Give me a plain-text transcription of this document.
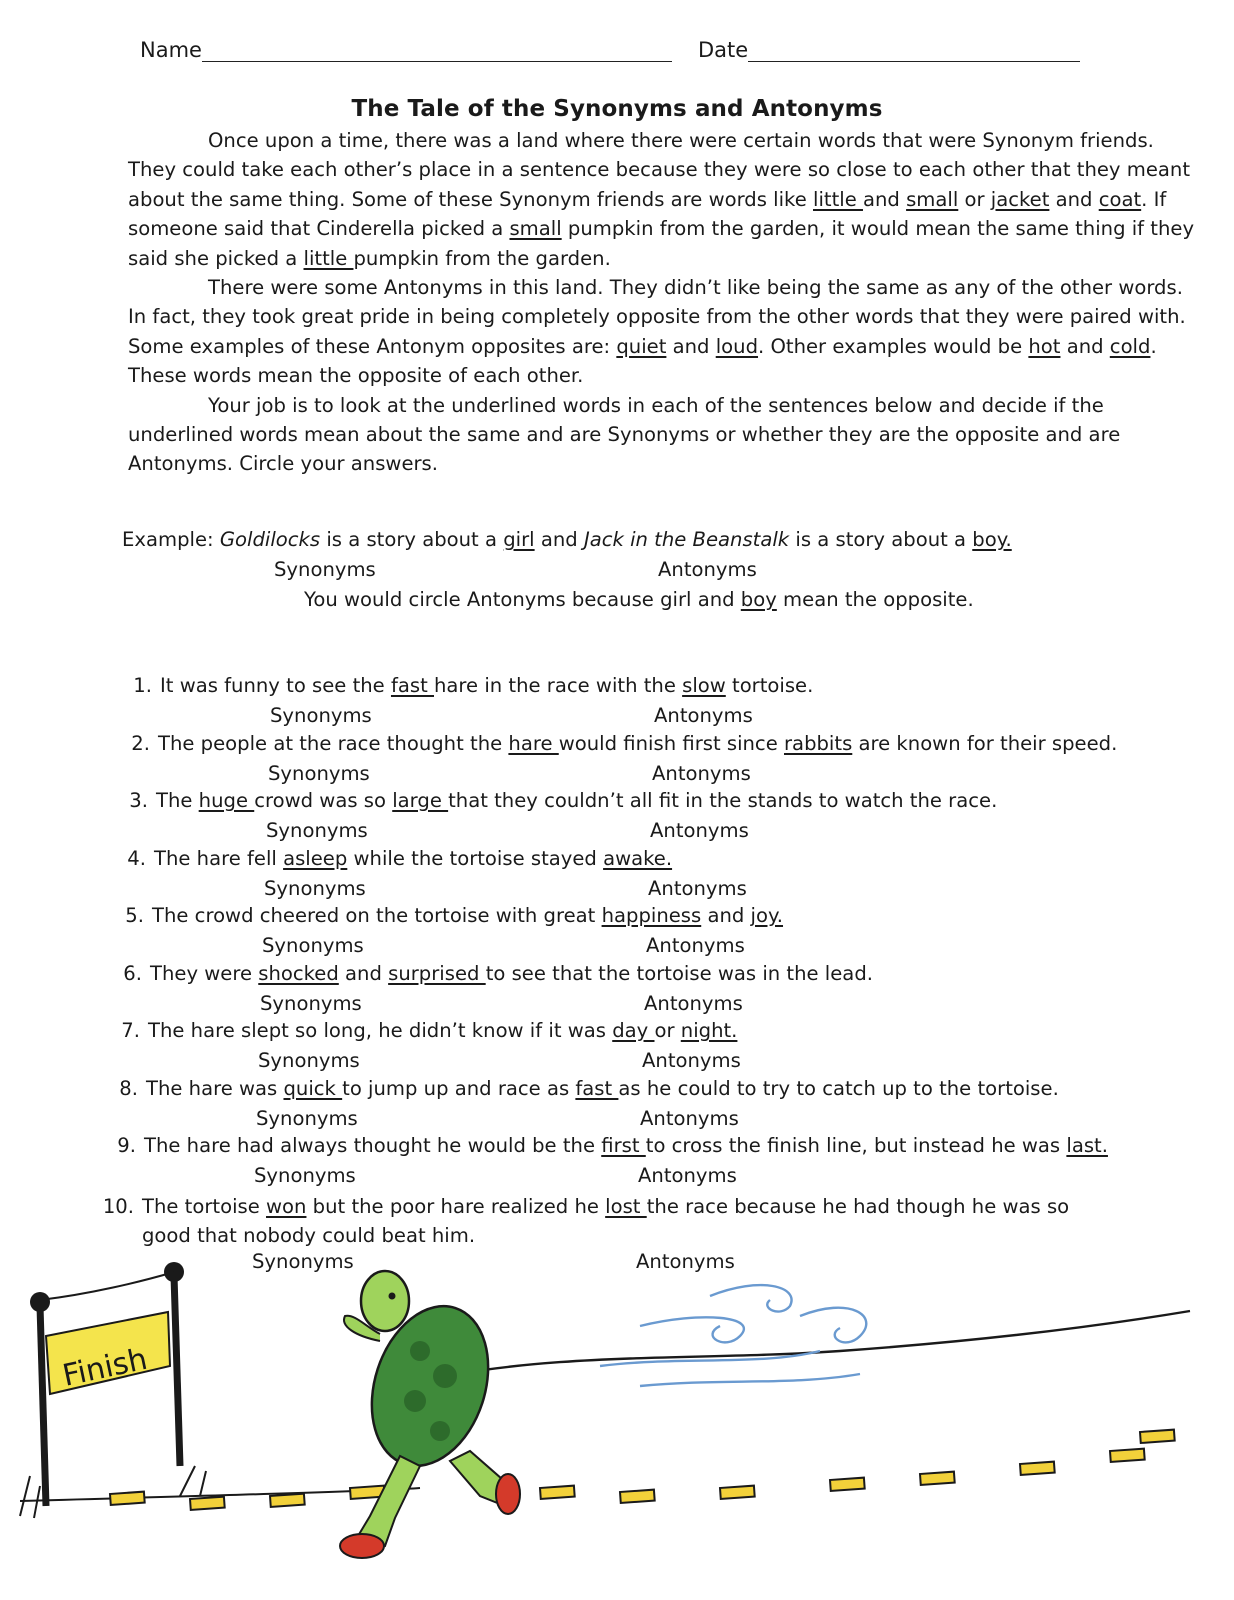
Name	Date
The Tale of the Synonyms and Antonyms

Once upon a time, there was a land where there were certain words that were Synonym friends. They could take each other’s place in a sentence because they were so close to each other that they meant about the same thing. Some of these Synonym friends are words like little and small or jacket and coat. If someone said that Cinderella picked a small pumpkin from the garden, it would mean the same thing if they said she picked a little pumpkin from the garden.

There were some Antonyms in this land. They didn’t like being the same as any of the other words. In fact, they took great pride in being completely opposite from the other words that they were paired with. Some examples of these Antonym opposites are: quiet and loud. Other examples would be hot and cold. These words mean the opposite of each other.

Your job is to look at the underlined words in each of the sentences below and decide if the underlined words mean about the same and are Synonyms or whether they are the opposite and are Antonyms. Circle your answers.

Example: Goldilocks is a story about a girl and Jack in the Beanstalk is a story about a boy.
Synonyms	Antonyms
You would circle Antonyms because girl and boy mean the opposite.
1. It was funny to see the fast hare in the race with the slow tortoise.
Synonyms	Antonyms
2. The people at the race thought the hare would finish first since rabbits are known for their speed.
Synonyms	Antonyms
3. The huge crowd was so large that they couldn’t all fit in the stands to watch the race.
Synonyms	Antonyms
4. The hare fell asleep while the tortoise stayed awake.
Synonyms	Antonyms
5. The crowd cheered on the tortoise with great happiness and joy.
Synonyms	Antonyms
6. They were shocked and surprised to see that the tortoise was in the lead.
Synonyms	Antonyms
7. The hare slept so long, he didn’t know if it was day or night.
Synonyms	Antonyms
8. The hare was quick to jump up and race as fast as he could to try to catch up to the tortoise.
Synonyms	Antonyms
9. The hare had always thought he would be the first to cross the finish line, but instead he was last.
Synonyms	Antonyms
10. The tortoise won but the poor hare realized he lost the race because he had though he was so
good that nobody could beat him.
Synonyms	Antonyms
Finish
